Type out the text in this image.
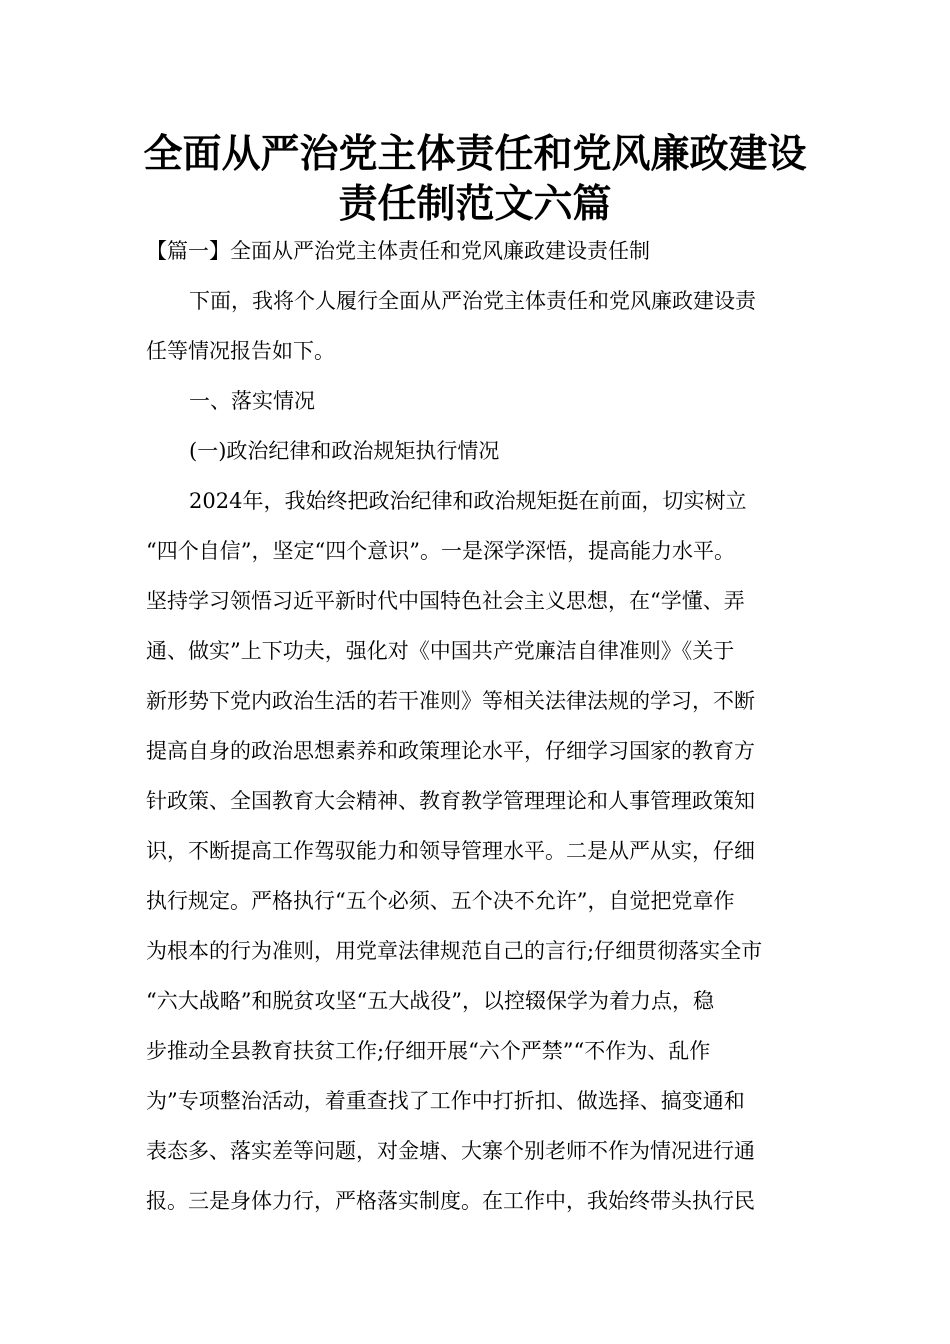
全面从严治党主体责任和党风廉政建设
责任制范文六篇
【篇一】全面从严治党主体责任和党风廉政建设责任制
下面，我将个人履行全面从严治党主体责任和党风廉政建设责
任等情况报告如下。
一、落实情况
(一)政治纪律和政治规矩执行情况
2024年，我始终把政治纪律和政治规矩挺在前面，切实树立
“四个自信”，坚定“四个意识”。一是深学深悟，提高能力水平。
坚持学习领悟习近平新时代中国特色社会主义思想，在“学懂、弄
通、做实”上下功夫，强化对《中国共产党廉洁自律准则》《关于
新形势下党内政治生活的若干准则》等相关法律法规的学习，不断
提高自身的政治思想素养和政策理论水平，仔细学习国家的教育方
针政策、全国教育大会精神、教育教学管理理论和人事管理政策知
识，不断提高工作驾驭能力和领导管理水平。二是从严从实，仔细
执行规定。严格执行“五个必须、五个决不允许”，自觉把党章作
为根本的行为准则，用党章法律规范自己的言行;仔细贯彻落实全市
“六大战略”和脱贫攻坚“五大战役”，以控辍保学为着力点，稳
步推动全县教育扶贫工作;仔细开展“六个严禁”“不作为、乱作
为”专项整治活动，着重查找了工作中打折扣、做选择、搞变通和
表态多、落实差等问题，对金塘、大寨个别老师不作为情况进行通
报。三是身体力行，严格落实制度。在工作中，我始终带头执行民
